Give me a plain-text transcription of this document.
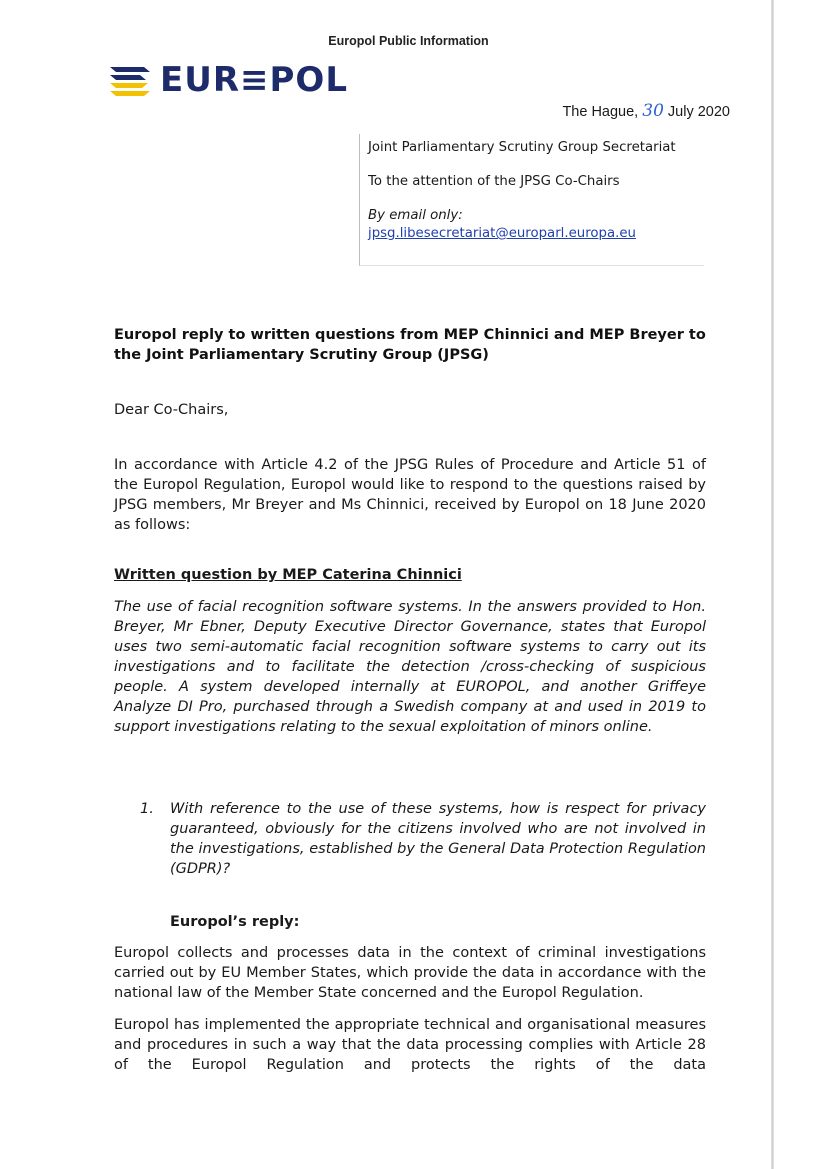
Europol Public Information
EUR≡POL
The Hague, 30 July 2020
Joint Parliamentary Scrutiny Group Secretariat
To the attention of the JPSG Co-Chairs
By email only:
jpsg.libesecretariat@europarl.europa.eu
Europol reply to written questions from MEP Chinnici and MEP Breyer to the Joint Parliamentary Scrutiny Group (JPSG)
Dear Co-Chairs,
In accordance with Article 4.2 of the JPSG Rules of Procedure and Article 51 of the Europol Regulation, Europol would like to respond to the questions raised by JPSG members, Mr Breyer and Ms Chinnici, received by Europol on 18 June 2020 as follows:
Written question by MEP Caterina Chinnici
The use of facial recognition software systems. In the answers provided to Hon. Breyer, Mr Ebner, Deputy Executive Director Governance, states that Europol uses two semi-automatic facial recognition software systems to carry out its investigations and to facilitate the detection /cross-checking of suspicious people. A system developed internally at EUROPOL, and another Griffeye Analyze DI Pro, purchased through a Swedish company at and used in 2019 to support investigations relating to the sexual exploitation of minors online.
1.	With reference to the use of these systems, how is respect for privacy guaranteed, obviously for the citizens involved who are not involved in the investigations, established by the General Data Protection Regulation (GDPR)?
Europol’s reply:
Europol collects and processes data in the context of criminal investigations carried out by EU Member States, which provide the data in accordance with the national law of the Member State concerned and the Europol Regulation.
Europol has implemented the appropriate technical and organisational measures and procedures in such a way that the data processing complies with Article 28 of the Europol Regulation and protects the rights of the data
